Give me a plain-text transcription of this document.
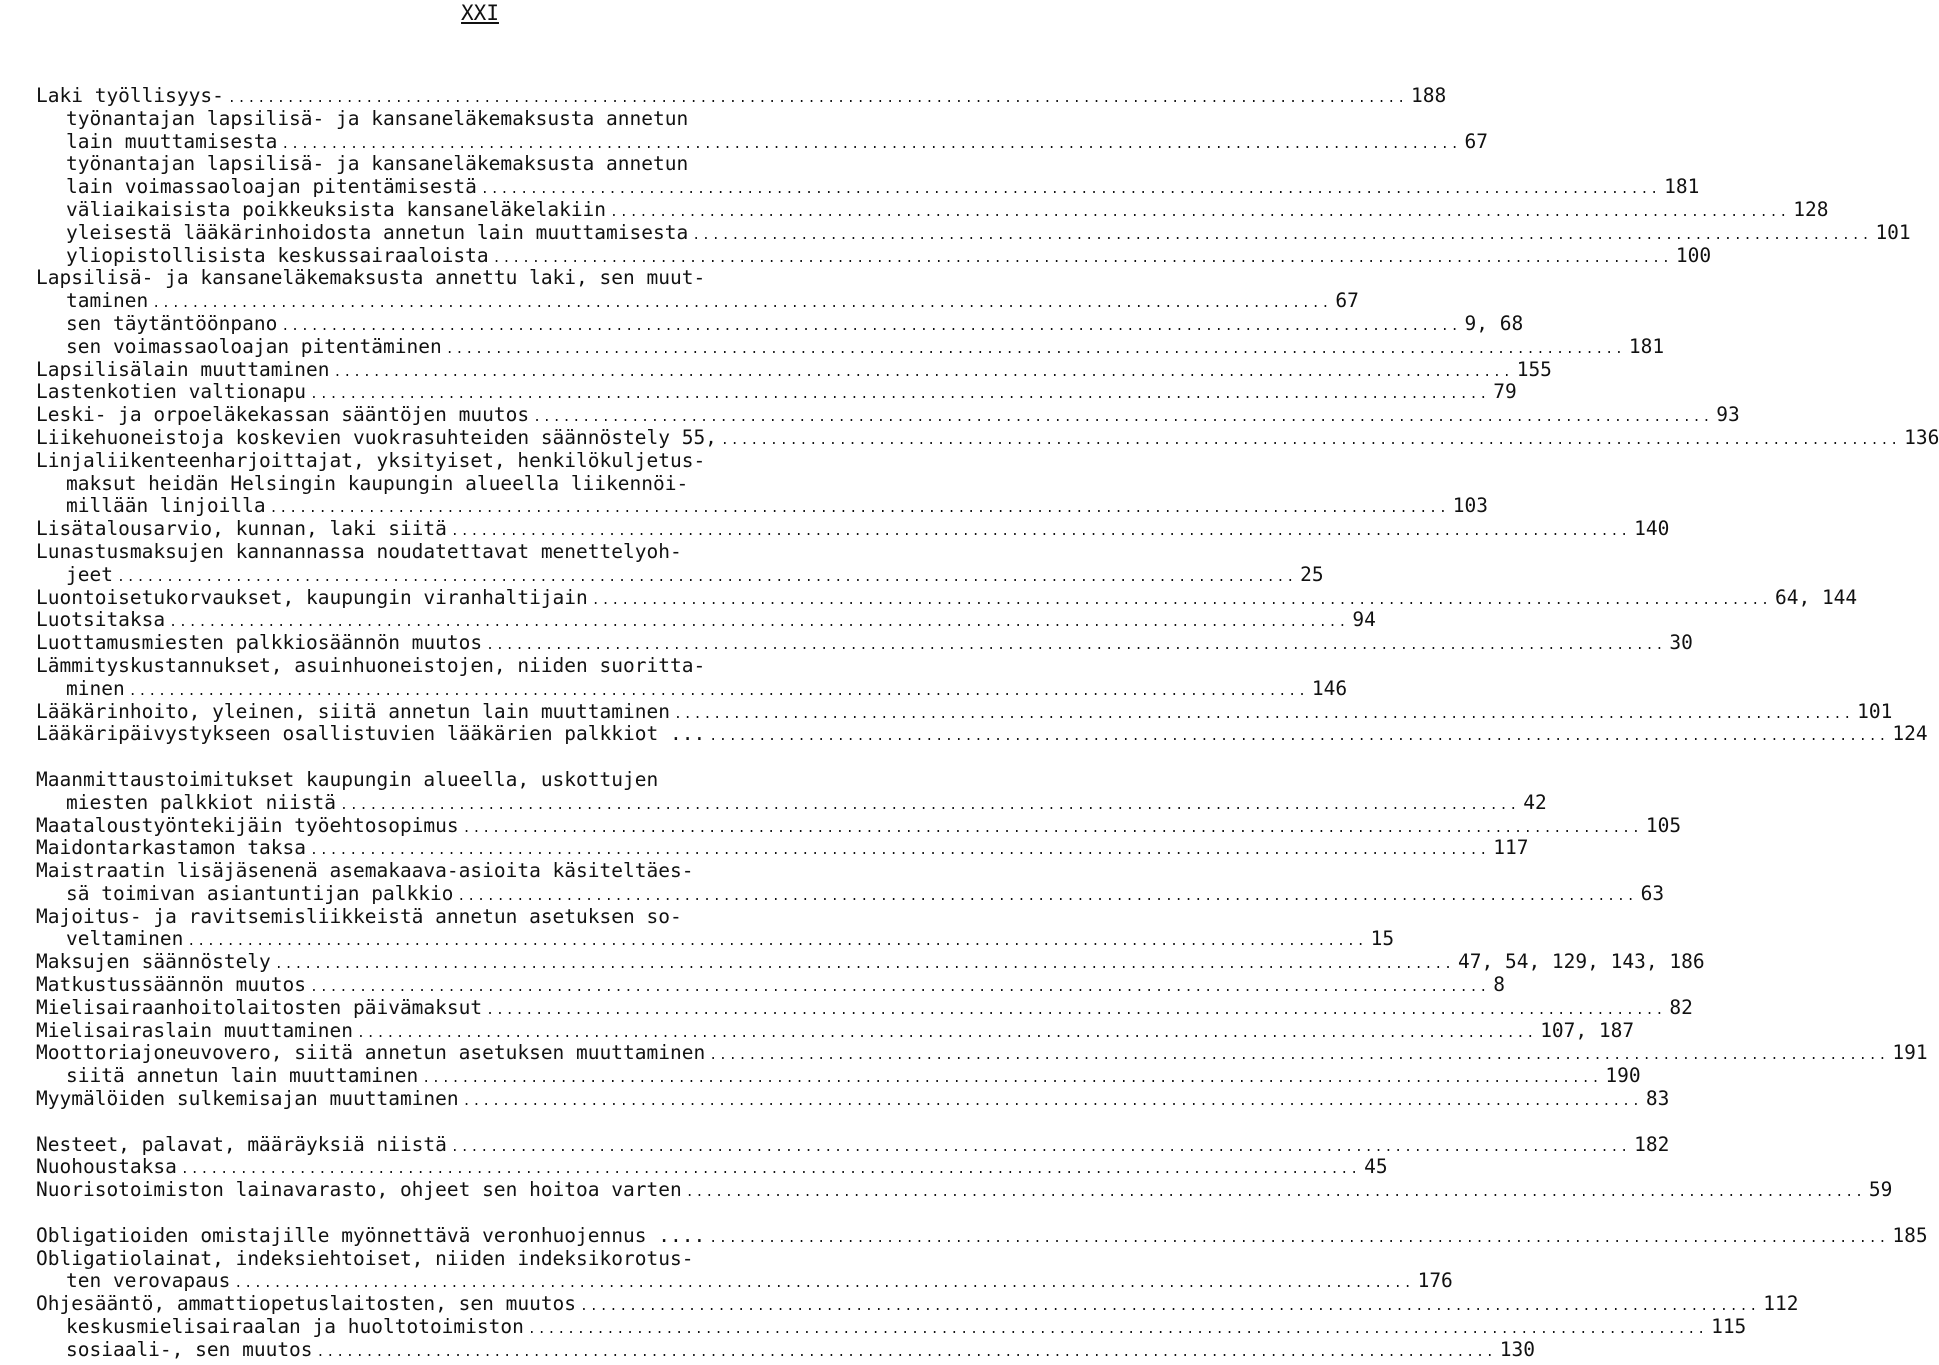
XXI
Laki työllisyys- ........................................................................................................................ 188
työnantajan lapsilisä- ja kansaneläkemaksusta annetun
lain muuttamisesta ........................................................................................................................ 67
työnantajan lapsilisä- ja kansaneläkemaksusta annetun
lain voimassaoloajan pitentämisestä ........................................................................................................................ 181
väliaikaisista poikkeuksista kansaneläkelakiin ........................................................................................................................ 128
yleisestä lääkärinhoidosta annetun lain muuttamisesta ........................................................................................................................ 101
yliopistollisista keskussairaaloista ........................................................................................................................ 100
Lapsilisä- ja kansaneläkemaksusta annettu laki, sen muut-
taminen ........................................................................................................................ 67
sen täytäntöönpano ........................................................................................................................ 9, 68
sen voimassaoloajan pitentäminen ........................................................................................................................ 181
Lapsilisälain muuttaminen ........................................................................................................................ 155
Lastenkotien valtionapu ........................................................................................................................ 79
Leski- ja orpoeläkekassan sääntöjen muutos ........................................................................................................................ 93
Liikehuoneistoja koskevien vuokrasuhteiden säännöstely 55, ........................................................................................................................ 136
Linjaliikenteenharjoittajat, yksityiset, henkilökuljetus-
maksut heidän Helsingin kaupungin alueella liikennöi-
millään linjoilla ........................................................................................................................ 103
Lisätalousarvio, kunnan, laki siitä ........................................................................................................................ 140
Lunastusmaksujen kannannassa noudatettavat menettelyoh-
jeet ........................................................................................................................ 25
Luontoisetukorvaukset, kaupungin viranhaltijain ........................................................................................................................ 64, 144
Luotsitaksa ........................................................................................................................ 94
Luottamusmiesten palkkiosäännön muutos ........................................................................................................................ 30
Lämmityskustannukset, asuinhuoneistojen, niiden suoritta-
minen ........................................................................................................................ 146
Lääkärinhoito, yleinen, siitä annetun lain muuttaminen ........................................................................................................................ 101
Lääkäripäivystykseen osallistuvien lääkärien palkkiot ... ........................................................................................................................ 124
Maanmittaustoimitukset kaupungin alueella, uskottujen
miesten palkkiot niistä ........................................................................................................................ 42
Maataloustyöntekijäin työehtosopimus ........................................................................................................................ 105
Maidontarkastamon taksa ........................................................................................................................ 117
Maistraatin lisäjäsenenä asemakaava-asioita käsiteltäes-
sä toimivan asiantuntijan palkkio ........................................................................................................................ 63
Majoitus- ja ravitsemisliikkeistä annetun asetuksen so-
veltaminen ........................................................................................................................ 15
Maksujen säännöstely ........................................................................................................................ 47, 54, 129, 143, 186
Matkustussäännön muutos ........................................................................................................................ 8
Mielisairaanhoitolaitosten päivämaksut ........................................................................................................................ 82
Mielisairaslain muuttaminen ........................................................................................................................ 107, 187
Moottoriajoneuvovero, siitä annetun asetuksen muuttaminen ........................................................................................................................ 191
siitä annetun lain muuttaminen ........................................................................................................................ 190
Myymälöiden sulkemisajan muuttaminen ........................................................................................................................ 83
Nesteet, palavat, määräyksiä niistä ........................................................................................................................ 182
Nuohoustaksa ........................................................................................................................ 45
Nuorisotoimiston lainavarasto, ohjeet sen hoitoa varten ........................................................................................................................ 59
Obligatioiden omistajille myönnettävä veronhuojennus .... ........................................................................................................................ 185
Obligatiolainat, indeksiehtoiset, niiden indeksikorotus-
ten verovapaus ........................................................................................................................ 176
Ohjesääntö, ammattiopetuslaitosten, sen muutos ........................................................................................................................ 112
keskusmielisairaalan ja huoltotoimiston ........................................................................................................................ 115
sosiaali-, sen muutos ........................................................................................................................ 130
